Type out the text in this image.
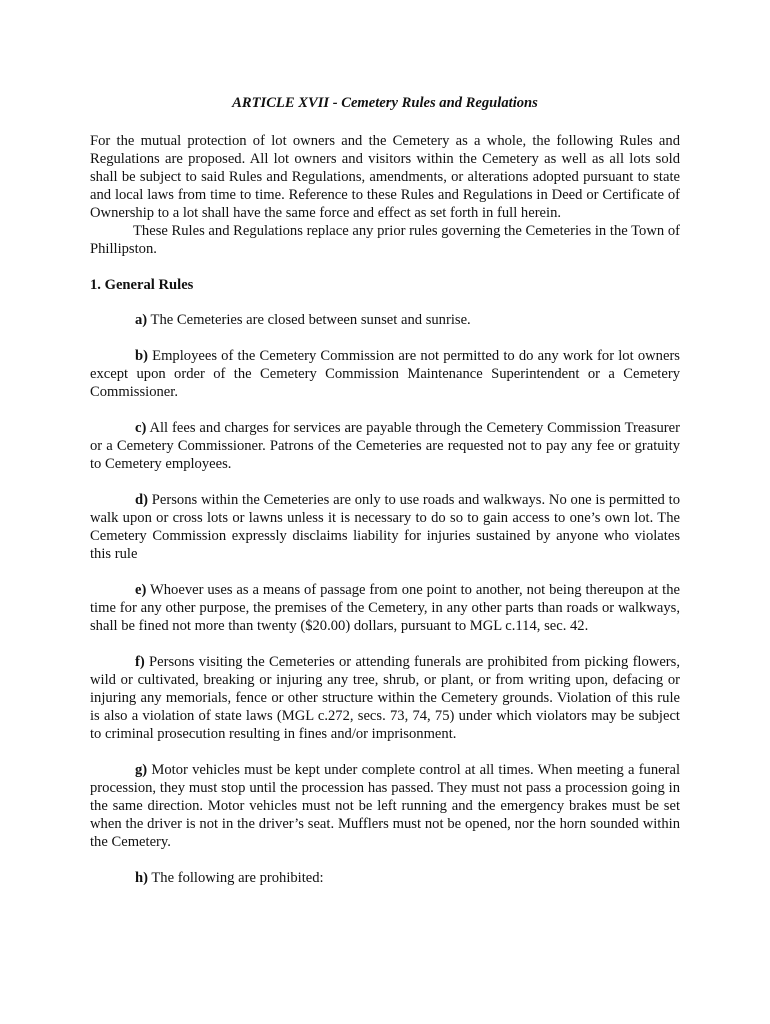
ARTICLE XVII - Cemetery Rules and Regulations

For the mutual protection of lot owners and the Cemetery as a whole, the following Rules and Regulations are proposed. All lot owners and visitors within the Cemetery as well as all lots sold shall be subject to said Rules and Regulations, amendments, or alterations adopted pursuant to state and local laws from time to time. Reference to these Rules and Regulations in Deed or Certificate of Ownership to a lot shall have the same force and effect as set forth in full herein.

These Rules and Regulations replace any prior rules governing the Cemeteries in the Town of Phillipston.

1. General Rules

a) The Cemeteries are closed between sunset and sunrise.

b) Employees of the Cemetery Commission are not permitted to do any work for lot owners except upon order of the Cemetery Commission Maintenance Superintendent or a Cemetery Commissioner.

c) All fees and charges for services are payable through the Cemetery Commission Treasurer or a Cemetery Commissioner. Patrons of the Cemeteries are requested not to pay any fee or gratuity to Cemetery employees.

d) Persons within the Cemeteries are only to use roads and walkways. No one is permitted to walk upon or cross lots or lawns unless it is necessary to do so to gain access to one’s own lot. The Cemetery Commission expressly disclaims liability for injuries sustained by anyone who violates this rule

e) Whoever uses as a means of passage from one point to another, not being thereupon at the time for any other purpose, the premises of the Cemetery, in any other parts than roads or walkways, shall be fined not more than twenty ($20.00) dollars, pursuant to MGL c.114, sec. 42.

f) Persons visiting the Cemeteries or attending funerals are prohibited from picking flowers, wild or cultivated, breaking or injuring any tree, shrub, or plant, or from writing upon, defacing or injuring any memorials, fence or other structure within the Cemetery grounds. Violation of this rule is also a violation of state laws (MGL c.272, secs. 73, 74, 75) under which violators may be subject to criminal prosecution resulting in fines and/or imprisonment.

g) Motor vehicles must be kept under complete control at all times. When meeting a funeral procession, they must stop until the procession has passed. They must not pass a procession going in the same direction. Motor vehicles must not be left running and the emergency brakes must be set when the driver is not in the driver’s seat. Mufflers must not be opened, nor the horn sounded within the Cemetery.

h) The following are prohibited:
